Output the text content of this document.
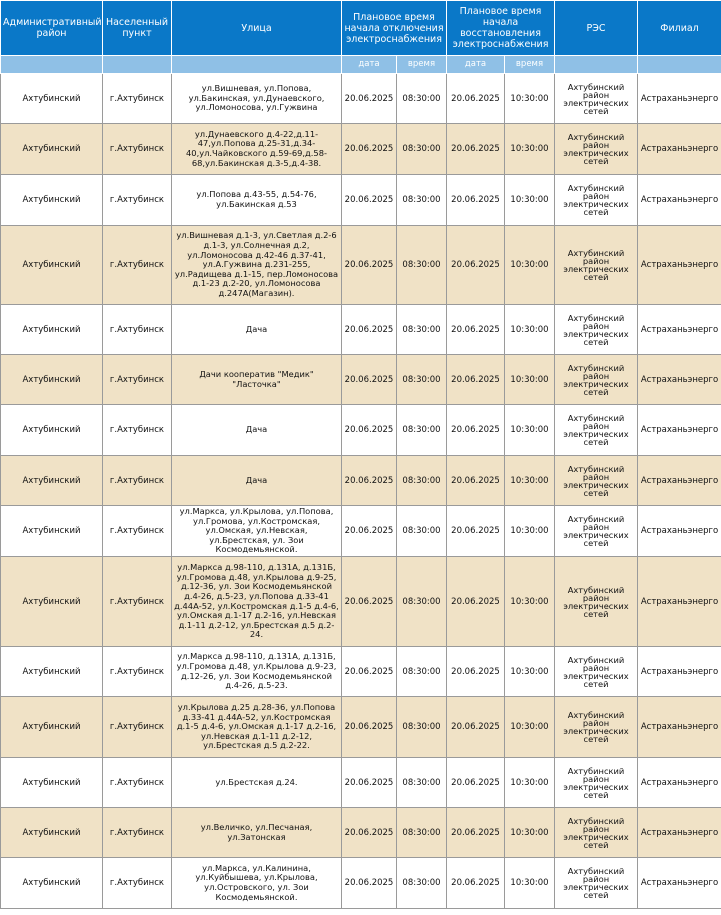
Административный район	Населенный пункт	Улица	Плановое время начала отключения электроснабжения		Плановое время начала восстановления электроснабжения		РЭС	Филиал
			дата	время	дата	время		
Ахтубинский	г.Ахтубинск	ул.Вишневая, ул.Попова, ул.Бакинская, ул.Дунаевского, ул.Ломоносова, ул.Гужвина	20.06.2025	08:30:00	20.06.2025	10:30:00	Ахтубинский район электрических сетей	Астраханьэнерго
Ахтубинский	г.Ахтубинск	ул.Дунаевского д.4-22,д.11-47,ул.Попова д.25-31,д.34-40,ул.Чайковского д.59-69,д.58-68,ул.Бакинская д.3-5,д.4-38.	20.06.2025	08:30:00	20.06.2025	10:30:00	Ахтубинский район электрических сетей	Астраханьэнерго
Ахтубинский	г.Ахтубинск	ул.Попова д.43-55, д.54-76, ул.Бакинская д.53	20.06.2025	08:30:00	20.06.2025	10:30:00	Ахтубинский район электрических сетей	Астраханьэнерго
Ахтубинский	г.Ахтубинск	ул.Вишневая д.1-3, ул.Светлая д.2-6 д.1-3, ул.Солнечная д.2, ул.Ломоносова д.42-46 д.37-41, ул.А.Гужвина д.231-255, ул.Радищева д.1-15, пер.Ломоносова д.1-23 д.2-20, ул.Ломоносова д.247А(Магазин).	20.06.2025	08:30:00	20.06.2025	10:30:00	Ахтубинский район электрических сетей	Астраханьэнерго
Ахтубинский	г.Ахтубинск	Дача	20.06.2025	08:30:00	20.06.2025	10:30:00	Ахтубинский район электрических сетей	Астраханьэнерго
Ахтубинский	г.Ахтубинск	Дачи кооператив "Медик" "Ласточка"	20.06.2025	08:30:00	20.06.2025	10:30:00	Ахтубинский район электрических сетей	Астраханьэнерго
Ахтубинский	г.Ахтубинск	Дача	20.06.2025	08:30:00	20.06.2025	10:30:00	Ахтубинский район электрических сетей	Астраханьэнерго
Ахтубинский	г.Ахтубинск	Дача	20.06.2025	08:30:00	20.06.2025	10:30:00	Ахтубинский район электрических сетей	Астраханьэнерго
Ахтубинский	г.Ахтубинск	ул.Маркса, ул.Крылова, ул.Попова, ул.Громова, ул.Костромская, ул.Омская, ул.Невская, ул.Брестская, ул. Зои Космодемьянской.	20.06.2025	08:30:00	20.06.2025	10:30:00	Ахтубинский район электрических сетей	Астраханьэнерго
Ахтубинский	г.Ахтубинск	ул.Маркса д.98-110, д.131А, д.131Б, ул.Громова д.48, ул.Крылова д.9-25, д.12-36, ул. Зои Космодемьянской д.4-26, д.5-23, ул.Попова д.33-41 д.44А-52, ул.Костромская д.1-5 д.4-6, ул.Омская д.1-17 д.2-16, ул.Невская д.1-11 д.2-12, ул.Брестская д.5 д.2-24.	20.06.2025	08:30:00	20.06.2025	10:30:00	Ахтубинский район электрических сетей	Астраханьэнерго
Ахтубинский	г.Ахтубинск	ул.Маркса д.98-110, д.131А, д.131Б, ул.Громова д.48, ул.Крылова д.9-23, д.12-26, ул. Зои Космодемьянской д.4-26, д.5-23.	20.06.2025	08:30:00	20.06.2025	10:30:00	Ахтубинский район электрических сетей	Астраханьэнерго
Ахтубинский	г.Ахтубинск	ул.Крылова д.25 д.28-36, ул.Попова д.33-41 д.44А-52, ул.Костромская д.1-5 д.4-6, ул.Омская д.1-17 д.2-16, ул.Невская д.1-11 д.2-12, ул.Брестская д.5 д.2-22.	20.06.2025	08:30:00	20.06.2025	10:30:00	Ахтубинский район электрических сетей	Астраханьэнерго
Ахтубинский	г.Ахтубинск	ул.Брестская д.24.	20.06.2025	08:30:00	20.06.2025	10:30:00	Ахтубинский район электрических сетей	Астраханьэнерго
Ахтубинский	г.Ахтубинск	ул.Величко, ул.Песчаная, ул.Затонская	20.06.2025	08:30:00	20.06.2025	10:30:00	Ахтубинский район электрических сетей	Астраханьэнерго
Ахтубинский	г.Ахтубинск	ул.Маркса, ул.Калинина, ул.Куйбышева, ул.Крылова, ул.Островского, ул. Зои Космодемьянской.	20.06.2025	08:30:00	20.06.2025	10:30:00	Ахтубинский район электрических сетей	Астраханьэнерго
